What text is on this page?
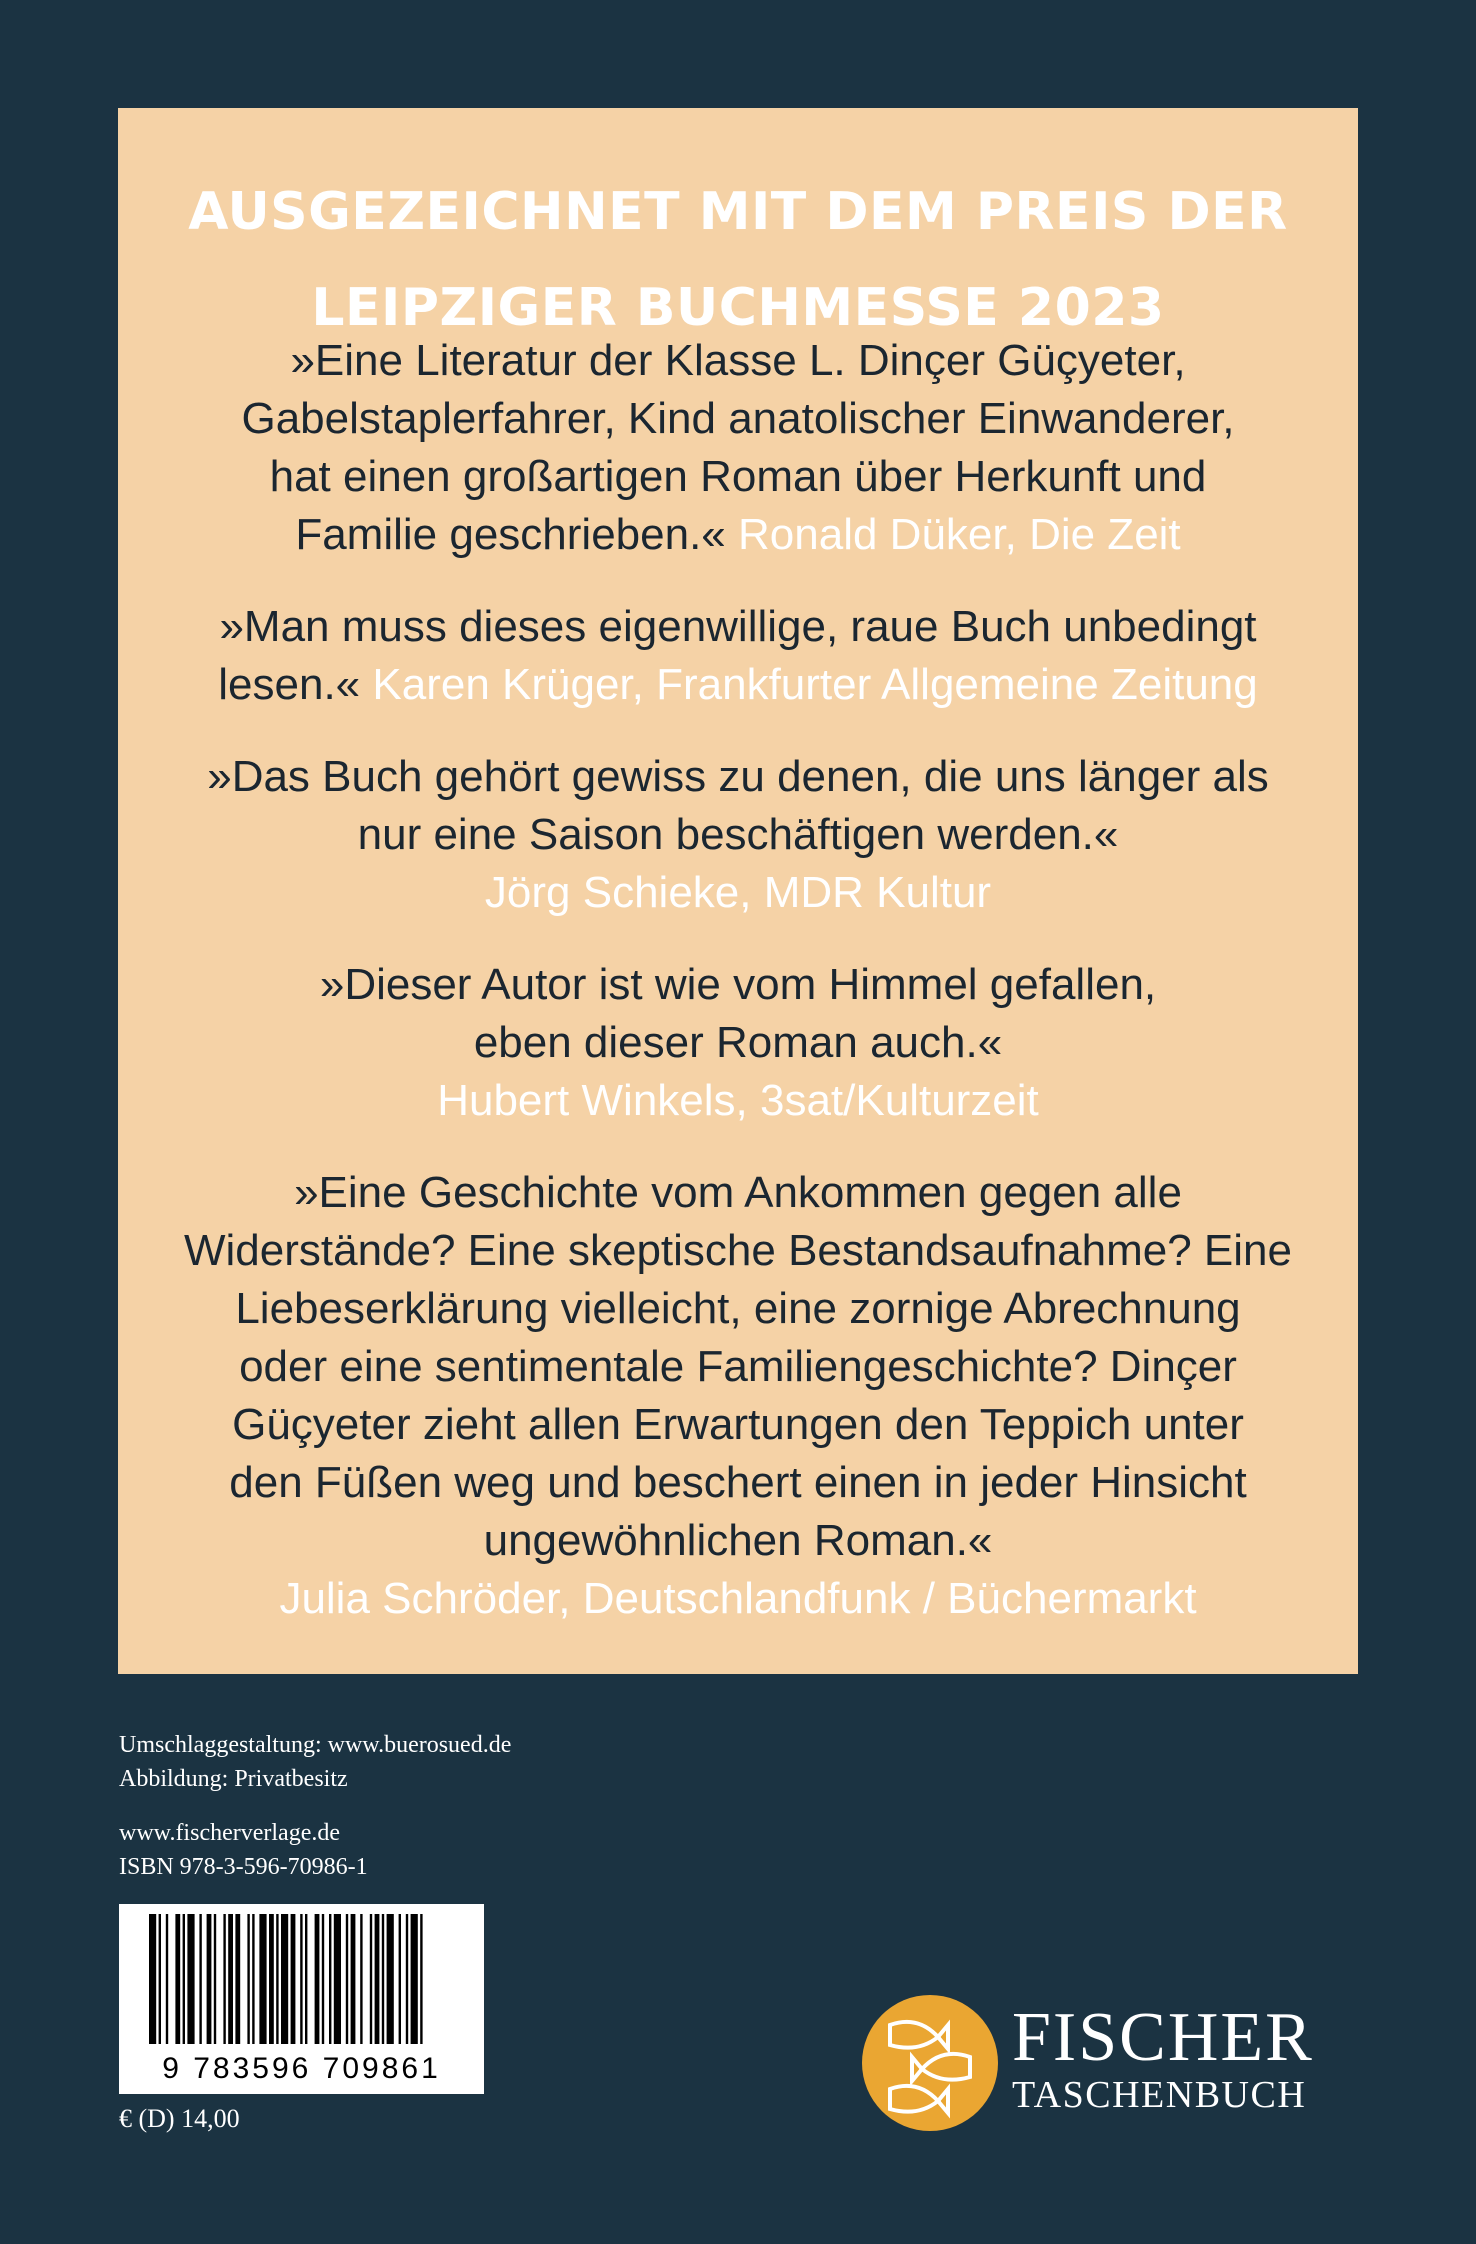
AUSGEZEICHNET MIT DEM PREIS DER
LEIPZIGER BUCHMESSE 2023
»Eine Literatur der Klasse L. Dinçer Güçyeter,
Gabelstaplerfahrer, Kind anatolischer Einwanderer,
hat einen großartigen Roman über Herkunft und
Familie geschrieben.« Ronald Düker, Die Zeit
»Man muss dieses eigenwillige, raue Buch unbedingt
lesen.« Karen Krüger, Frankfurter Allgemeine Zeitung
»Das Buch gehört gewiss zu denen, die uns länger als
nur eine Saison beschäftigen werden.«
Jörg Schieke, MDR Kultur
»Dieser Autor ist wie vom Himmel gefallen,
eben dieser Roman auch.«
Hubert Winkels, 3sat/Kulturzeit
»Eine Geschichte vom Ankommen gegen alle
Widerstände? Eine skeptische Bestandsaufnahme? Eine
Liebeserklärung vielleicht, eine zornige Abrechnung
oder eine sentimentale Familiengeschichte? Dinçer
Güçyeter zieht allen Erwartungen den Teppich unter
den Füßen weg und beschert einen in jeder Hinsicht
ungewöhnlichen Roman.«
Julia Schröder, Deutschlandfunk / Büchermarkt
Umschlaggestaltung: www.buerosued.de
Abbildung: Privatbesitz
www.fischerverlage.de
ISBN 978-3-596-70986-1
9 783596 709861
€ (D) 14,00
FISCHER
TASCHENBUCH
